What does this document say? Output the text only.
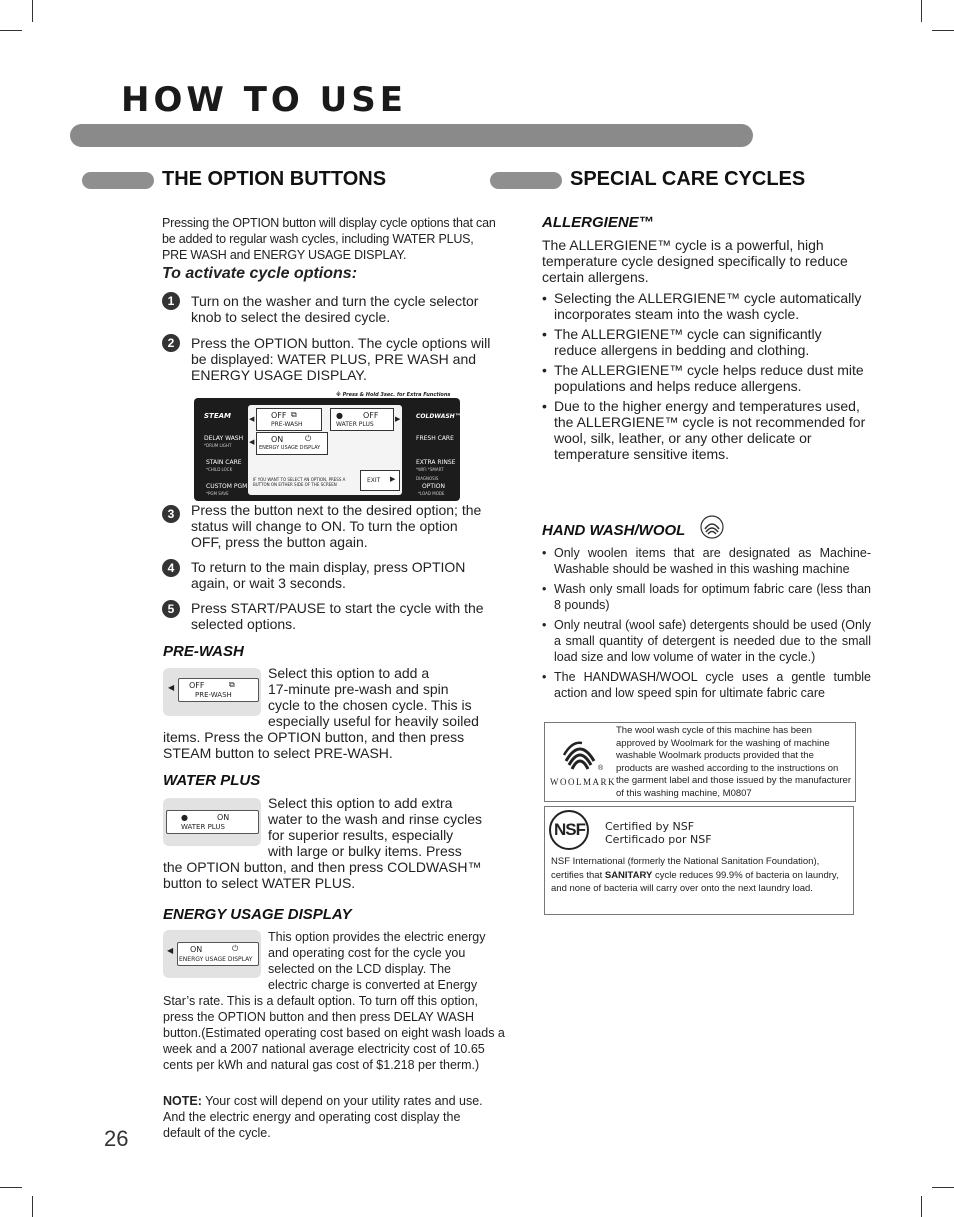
HOW TO USE
THE OPTION BUTTONS
Pressing the OPTION button will display cycle options that can be added to regular wash cycles, including WATER PLUS, PRE WASH and ENERGY USAGE DISPLAY.
To activate cycle options:
1	Turn on the washer and turn the cycle selector knob to select the desired cycle.
2	Press the OPTION button. The cycle options will be displayed: WATER PLUS, PRE WASH and ENERGY USAGE DISPLAY.
※ Press & Hold 3sec. for Extra Functions
STEAM	COLDWASH™
DELAY WASH
*DRUM LIGHT
STAIN CARE
*CHILD LOCK
CUSTOM PGM
*PGM SAVE
FRESH CARE
EXTRA RINSE
*WIFI *SMART DIAGNOSIS
OPTION
*LOAD MODE
◀	▶
OFF ⧉
PRE-WASH
●	OFF
WATER PLUS
◀ ON	⏻
ENERGY USAGE DISPLAY
IF YOU WANT TO SELECT AN OPTION, PRESS A BUTTON ON EITHER SIDE OF THE SCREEN
EXIT ▶
3	Press the button next to the desired option; the status will change to ON. To turn the option OFF, press the button again.
4	To return to the main display, press OPTION again, or wait 3 seconds.
5	Press START/PAUSE to start the cycle with the selected options.
PRE-WASH
OFF	⧉
PRE-WASH
◀
Select this option to add a
17-minute pre-wash and spin
cycle to the chosen cycle. This is
especially useful for heavily soiled
items. Press the OPTION button, and then press STEAM button to select PRE-WASH.
WATER PLUS
●	ON
WATER PLUS
Select this option to add extra
water to the wash and rinse cycles
for superior results, especially
with large or bulky items. Press
the OPTION button, and then press COLDWASH™ button to select WATER PLUS.
ENERGY USAGE DISPLAY
ON	⏻
ENERGY USAGE DISPLAY
◀
This option provides the electric energy
and operating cost for the cycle you
selected on the LCD display. The
electric charge is converted at Energy
Star’s rate. This is a default option. To turn off this option, press the OPTION button and then press DELAY WASH button.(Estimated operating cost based on eight wash loads a week and a 2007 national average electricity cost of 10.65 cents per kWh and natural gas cost of $1.218 per therm.)
NOTE: Your cost will depend on your utility rates and use. And the electric energy and operating cost display the default of the cycle.
26
SPECIAL CARE CYCLES
ALLERGIENE™
The ALLERGIENE™ cycle is a powerful, high temperature cycle designed specifically to reduce certain allergens.
• Selecting the ALLERGIENE™ cycle automatically incorporates steam into the wash cycle.
• The ALLERGIENE™ cycle can significantly reduce allergens in bedding and clothing.
• The ALLERGIENE™ cycle helps reduce dust mite populations and helps reduce allergens.
• Due to the higher energy and temperatures used, the ALLERGIENE™ cycle is not recommended for wool, silk, leather, or any other delicate or temperature sensitive items.
HAND WASH/WOOL
• Only woolen items that are designated as Machine-Washable should be washed in this washing machine
• Wash only small loads for optimum fabric care (less than 8 pounds)
• Only neutral (wool safe) detergents should be used (Only a small quantity of detergent is needed due to the small load size and low volume of water in the cycle.)
• The HANDWASH/WOOL cycle uses a gentle tumble action and low speed spin for ultimate fabric care
WOOLMARK
®
The wool wash cycle of this machine has been approved by Woolmark for the washing of machine washable Woolmark products provided that the products are washed according to the instructions on the garment label and those issued by the manufacturer of this washing machine, M0807
NSF Certified by NSF
Certificado por NSF
NSF International (formerly the National Sanitation Foundation), certifies that SANITARY cycle reduces 99.9% of bacteria on laundry, and none of bacteria will carry over onto the next laundry load.
